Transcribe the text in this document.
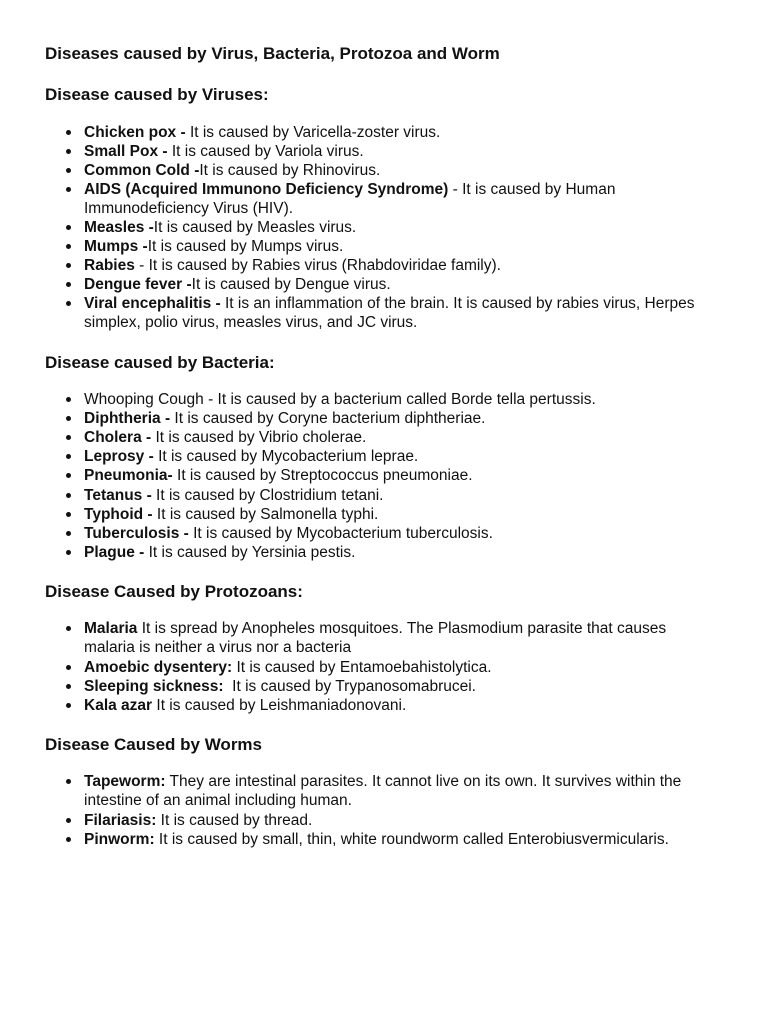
Diseases caused by Virus, Bacteria, Protozoa and Worm
Disease caused by Viruses:
Chicken pox - It is caused by Varicella-zoster virus.
Small Pox - It is caused by Variola virus.
Common Cold -It is caused by Rhinovirus.
AIDS (Acquired Immunono Deficiency Syndrome) - It is caused by Human
Immunodeficiency Virus (HIV).
Measles -It is caused by Measles virus.
Mumps -It is caused by Mumps virus.
Rabies - It is caused by Rabies virus (Rhabdoviridae family).
Dengue fever -It is caused by Dengue virus.
Viral encephalitis - It is an inflammation of the brain. It is caused by rabies virus, Herpes
simplex, polio virus, measles virus, and JC virus.
Disease caused by Bacteria:
Whooping Cough - It is caused by a bacterium called Borde tella pertussis.
Diphtheria - It is caused by Coryne bacterium diphtheriae.
Cholera - It is caused by Vibrio cholerae.
Leprosy - It is caused by Mycobacterium leprae.
Pneumonia- It is caused by Streptococcus pneumoniae.
Tetanus - It is caused by Clostridium tetani.
Typhoid - It is caused by Salmonella typhi.
Tuberculosis - It is caused by Mycobacterium tuberculosis.
Plague - It is caused by Yersinia pestis.
Disease Caused by Protozoans:
Malaria It is spread by Anopheles mosquitoes. The Plasmodium parasite that causes
malaria is neither a virus nor a bacteria
Amoebic dysentery: It is caused by Entamoebahistolytica.
Sleeping sickness:  It is caused by Trypanosomabrucei.
Kala azar It is caused by Leishmaniadonovani.
Disease Caused by Worms
Tapeworm: They are intestinal parasites. It cannot live on its own. It survives within the
intestine of an animal including human.
Filariasis: It is caused by thread.
Pinworm: It is caused by small, thin, white roundworm called Enterobiusvermicularis.
